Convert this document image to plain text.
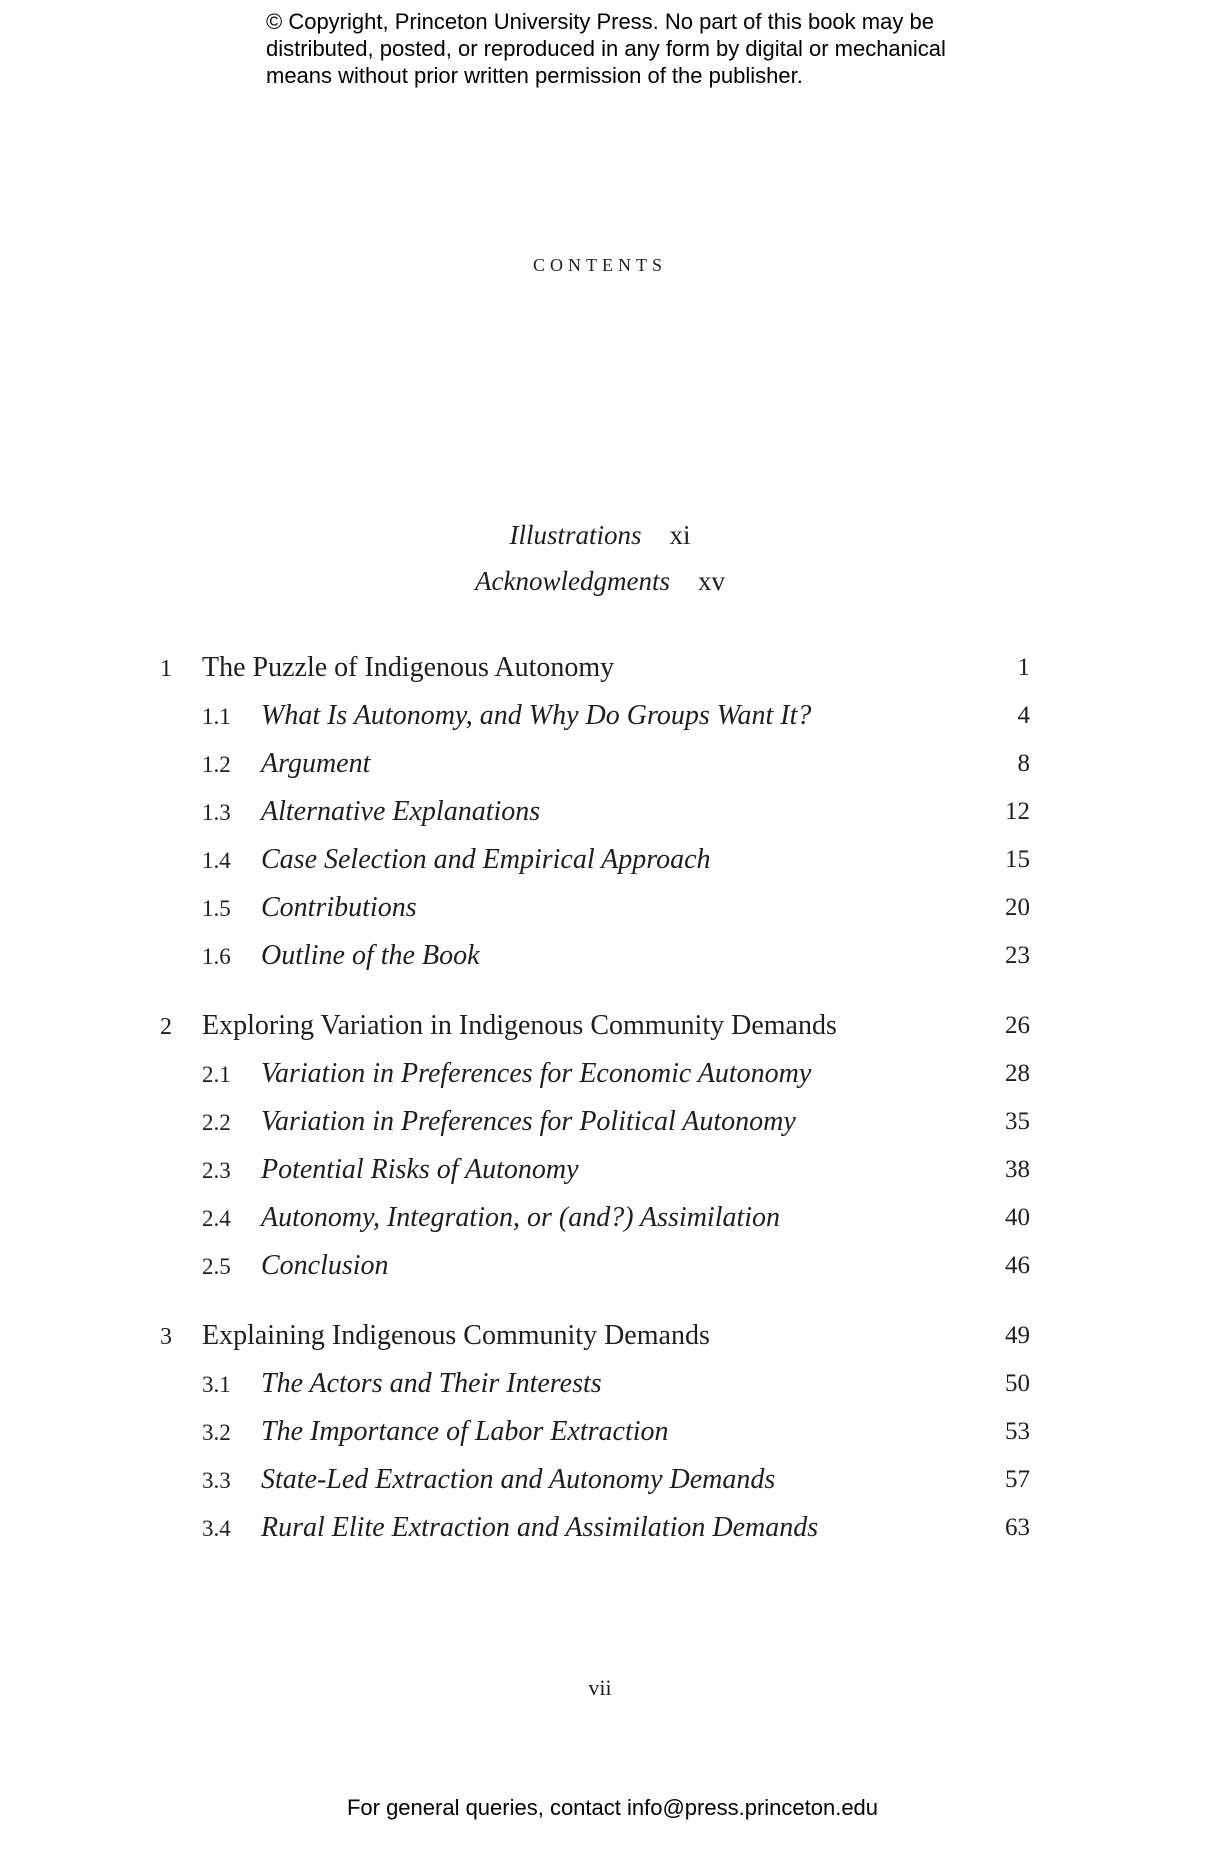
© Copyright, Princeton University Press. No part of this book may be
distributed, posted, or reproduced in any form by digital or mechanical
means without prior written permission of the publisher.
contents
Illustrations xi
Acknowledgments xv
1 The Puzzle of Indigenous Autonomy	1
1.1 What Is Autonomy, and Why Do Groups Want It?	4
1.2 Argument	8
1.3 Alternative Explanations	12
1.4 Case Selection and Empirical Approach	15
1.5 Contributions	20
1.6 Outline of the Book	23
2 Exploring Variation in Indigenous Community Demands	26
2.1 Variation in Preferences for Economic Autonomy	28
2.2 Variation in Preferences for Political Autonomy	35
2.3 Potential Risks of Autonomy	38
2.4 Autonomy, Integration, or (and?) Assimilation	40
2.5 Conclusion	46
3 Explaining Indigenous Community Demands	49
3.1 The Actors and Their Interests	50
3.2 The Importance of Labor Extraction	53
3.3 State-Led Extraction and Autonomy Demands	57
3.4 Rural Elite Extraction and Assimilation Demands	63
vii
For general queries, contact info@press.princeton.edu
